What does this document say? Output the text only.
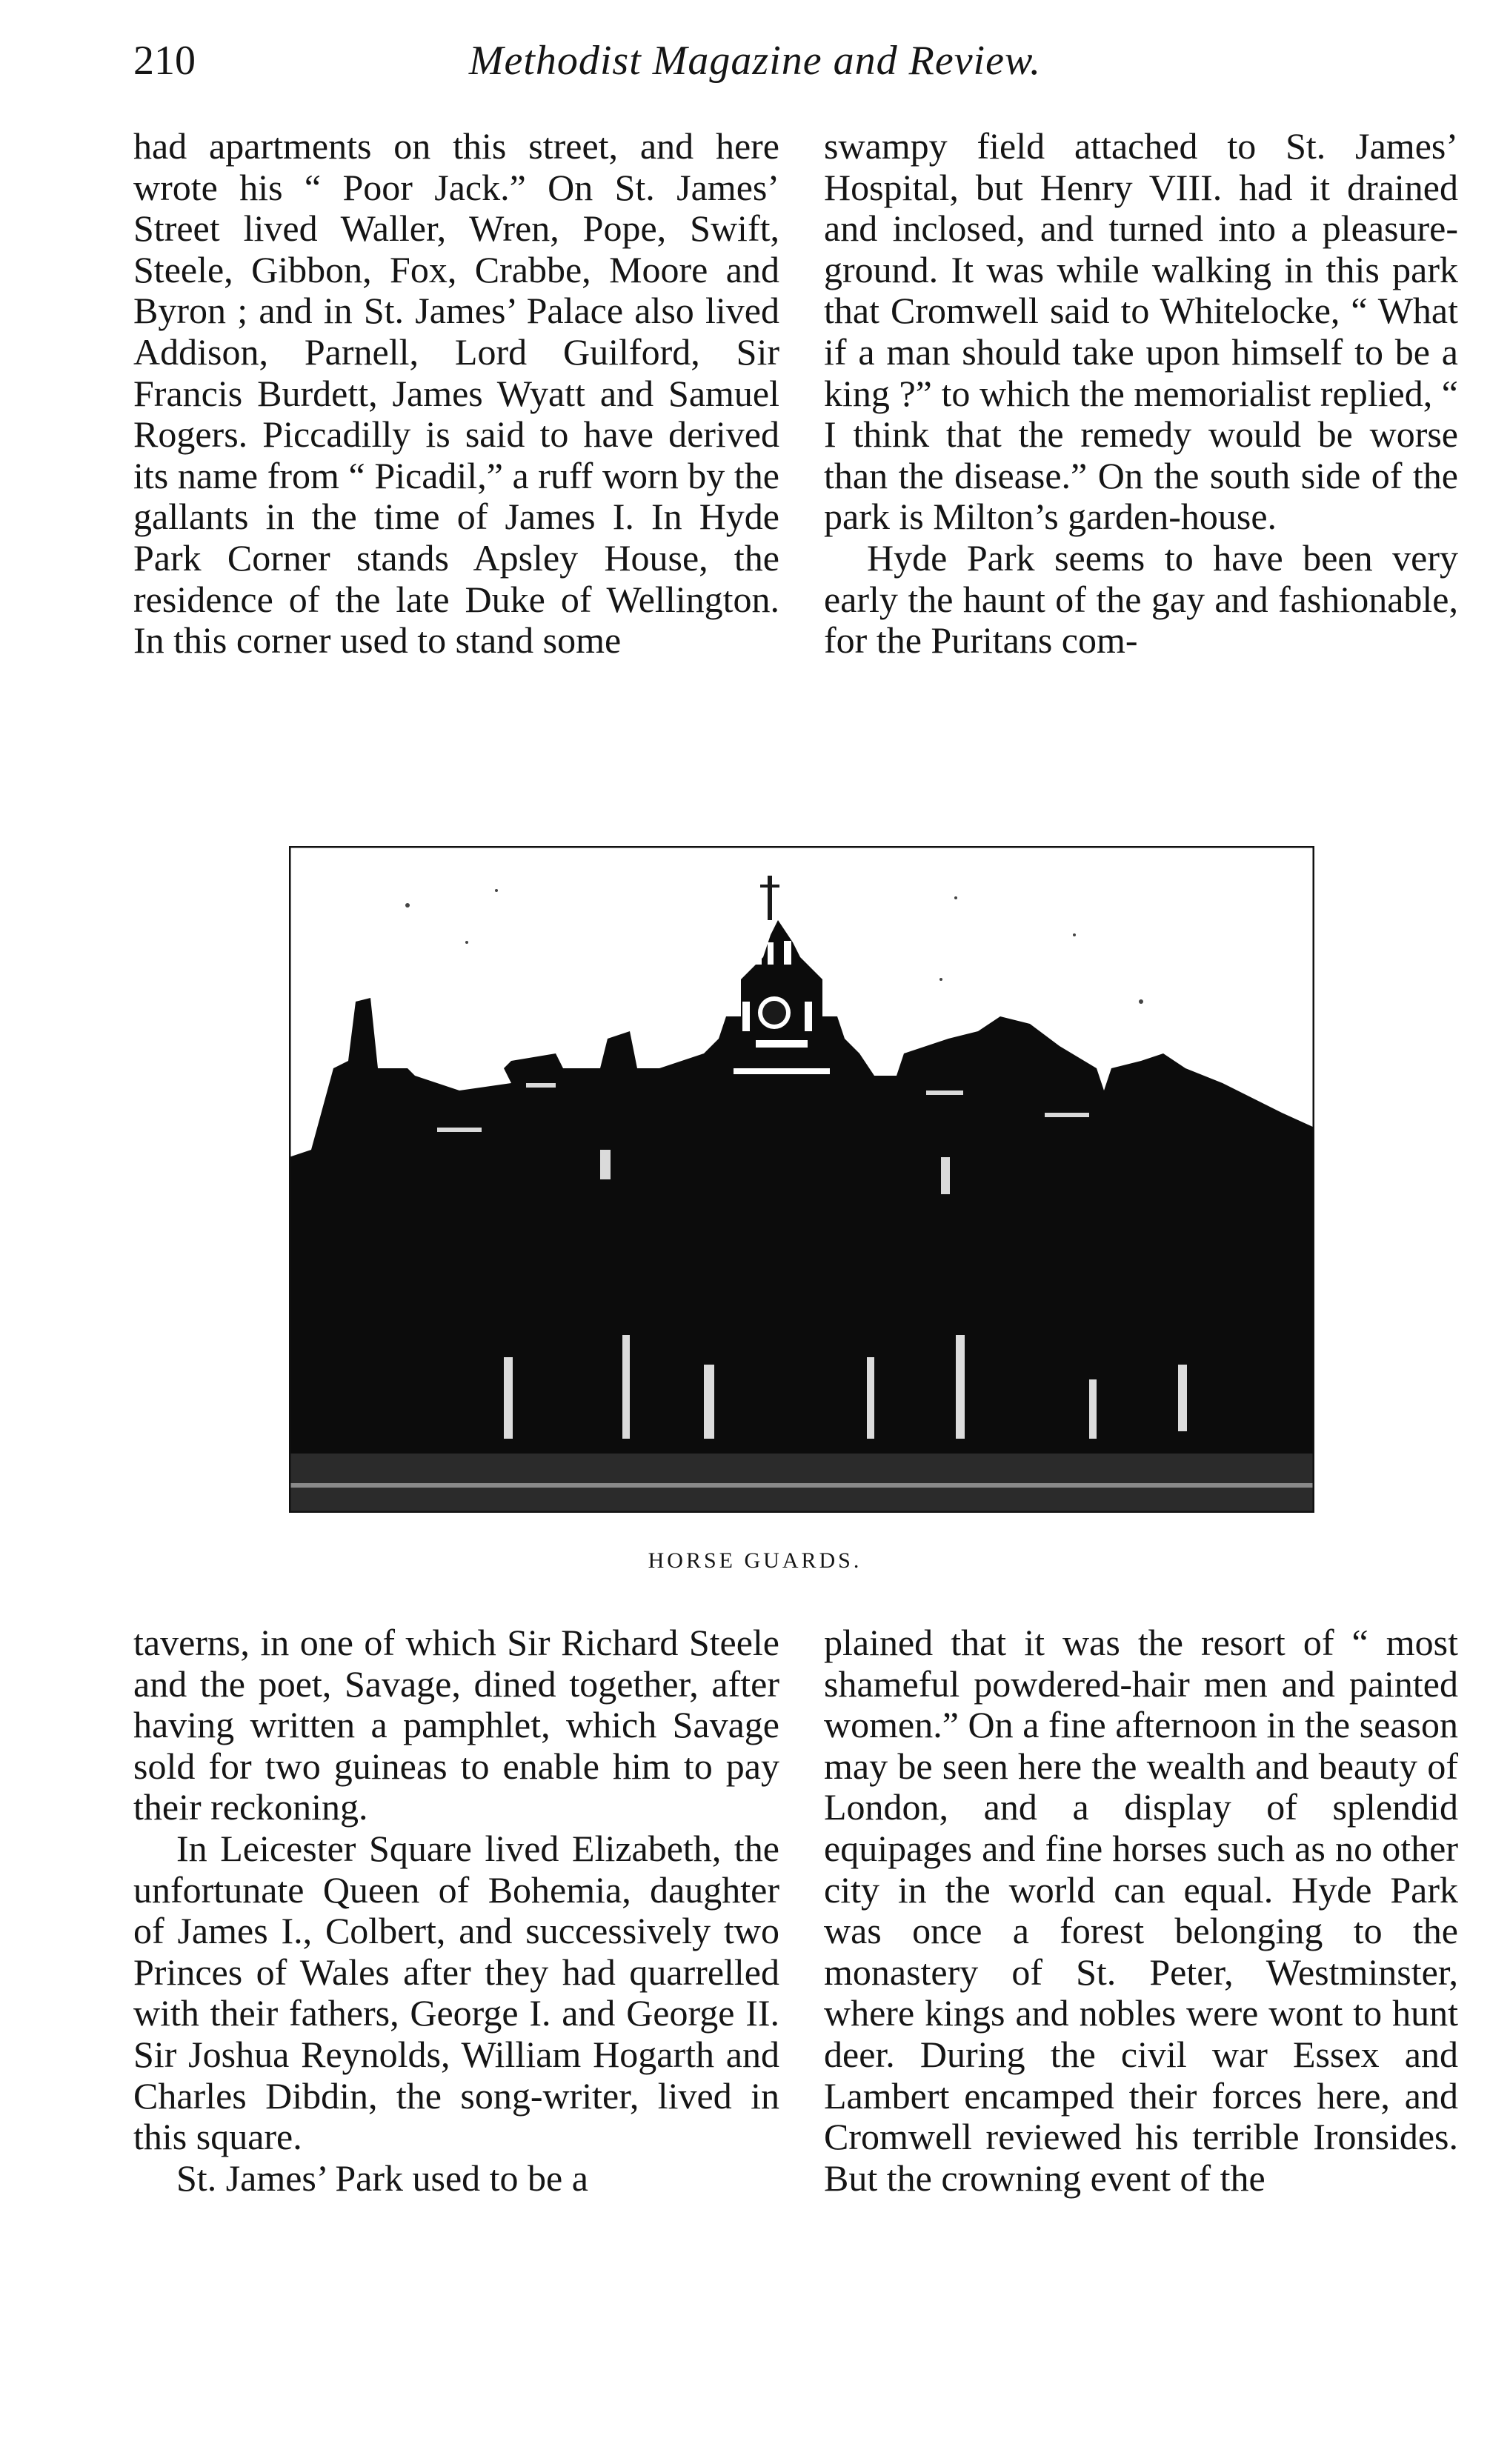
210	Methodist Magazine and Review.

had apartments on this street, and here wrote his “ Poor Jack.” On St. James’ Street lived Waller, Wren, Pope, Swift, Steele, Gibbon, Fox, Crabbe, Moore and Byron ; and in St. James’ Palace also lived Addison, Parnell, Lord Guilford, Sir Francis Burdett, James Wyatt and Samuel Rogers. Piccadilly is said to have derived its name from “ Picadil,” a ruff worn by the gallants in the time of James I. In Hyde Park Corner stands Apsley House, the residence of the late Duke of Wellington. In this corner used to stand some

swampy field attached to St. James’ Hospital, but Henry VIII. had it drained and inclosed, and turned into a pleasure-ground. It was while walking in this park that Cromwell said to Whitelocke, “ What if a man should take upon himself to be a king ?” to which the memorialist replied, “ I think that the remedy would be worse than the disease.” On the south side of the park is Milton’s garden-house.

Hyde Park seems to have been very early the haunt of the gay and fashionable, for the Puritans com-

HORSE GUARDS.

taverns, in one of which Sir Richard Steele and the poet, Savage, dined together, after having written a pamphlet, which Savage sold for two guineas to enable him to pay their reckoning.

In Leicester Square lived Elizabeth, the unfortunate Queen of Bohemia, daughter of James I., Colbert, and successively two Princes of Wales after they had quarrelled with their fathers, George I. and George II. Sir Joshua Reynolds, William Hogarth and Charles Dibdin, the song-writer, lived in this square.

St. James’ Park used to be a

plained that it was the resort of “ most shameful powdered-hair men and painted women.” On a fine afternoon in the season may be seen here the wealth and beauty of London, and a display of splendid equipages and fine horses such as no other city in the world can equal. Hyde Park was once a forest belonging to the monastery of St. Peter, Westminster, where kings and nobles were wont to hunt deer. During the civil war Essex and Lambert encamped their forces here, and Cromwell reviewed his terrible Ironsides. But the crowning event of the
